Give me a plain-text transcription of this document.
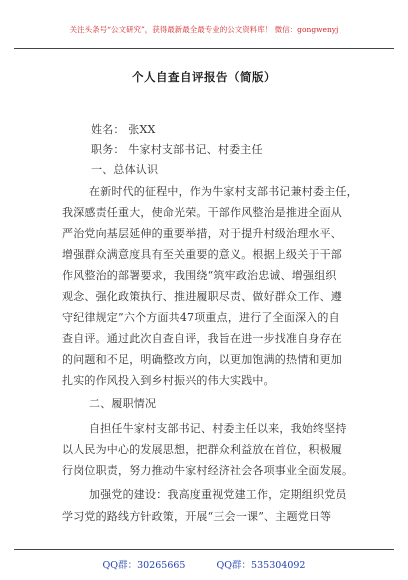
关注头条号“公文研究”，获得最新最全最专业的公文资料库！ 微信：gongwenyj
个人自查自评报告（简版）
姓名： 张XX
职务： 牛家村支部书记、村委主任
一、总体认识
在新时代的征程中，作为牛家村支部书记兼村委主任，
我深感责任重大，使命光荣。干部作风整治是推进全面从
严治党向基层延伸的重要举措，对于提升村级治理水平、
增强群众满意度具有至关重要的意义。根据上级关于干部
作风整治的部署要求，我围绕“筑牢政治忠诚、增强组织
观念、强化政策执行、推进履职尽责、做好群众工作、遵
守纪律规定”六个方面共47项重点，进行了全面深入的自
查自评。通过此次自查自评，我旨在进一步找准自身存在
的问题和不足，明确整改方向，以更加饱满的热情和更加
扎实的作风投入到乡村振兴的伟大实践中。
二、履职情况
自担任牛家村支部书记、村委主任以来，我始终坚持
以人民为中心的发展思想，把群众利益放在首位，积极履
行岗位职责，努力推动牛家村经济社会各项事业全面发展。
加强党的建设：我高度重视党建工作，定期组织党员
学习党的路线方针政策，开展“三会一课”、主题党日等
QQ群：30265665	QQ群：535304092
